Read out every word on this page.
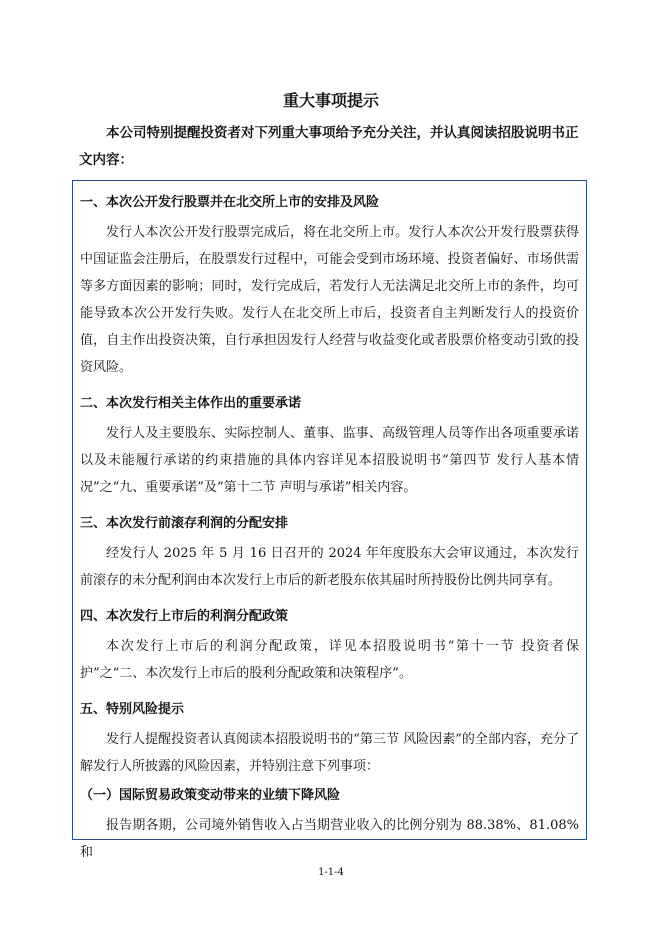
重大事项提示
本公司特别提醒投资者对下列重大事项给予充分关注，并认真阅读招股说明书正文内容：

一、本次公开发行股票并在北交所上市的安排及风险

发行人本次公开发行股票完成后，将在北交所上市。发行人本次公开发行股票获得中国证监会注册后，在股票发行过程中，可能会受到市场环境、投资者偏好、市场供需等多方面因素的影响；同时，发行完成后，若发行人无法满足北交所上市的条件，均可能导致本次公开发行失败。发行人在北交所上市后，投资者自主判断发行人的投资价值，自主作出投资决策，自行承担因发行人经营与收益变化或者股票价格变动引致的投资风险。

二、本次发行相关主体作出的重要承诺

发行人及主要股东、实际控制人、董事、监事、高级管理人员等作出各项重要承诺以及未能履行承诺的约束措施的具体内容详见本招股说明书“第四节 发行人基本情况”之“九、重要承诺”及“第十二节 声明与承诺”相关内容。

三、本次发行前滚存利润的分配安排

经发行人 2025 年 5 月 16 日召开的 2024 年年度股东大会审议通过，本次发行前滚存的未分配利润由本次发行上市后的新老股东依其届时所持股份比例共同享有。

四、本次发行上市后的利润分配政策

本次发行上市后的利润分配政策，详见本招股说明书“第十一节 投资者保护”之“二、本次发行上市后的股利分配政策和决策程序”。

五、特别风险提示

发行人提醒投资者认真阅读本招股说明书的“第三节 风险因素”的全部内容，充分了解发行人所披露的风险因素，并特别注意下列事项：

（一）国际贸易政策变动带来的业绩下降风险

报告期各期，公司境外销售收入占当期营业收入的比例分别为 88.38%、81.08%和

1-1-4
